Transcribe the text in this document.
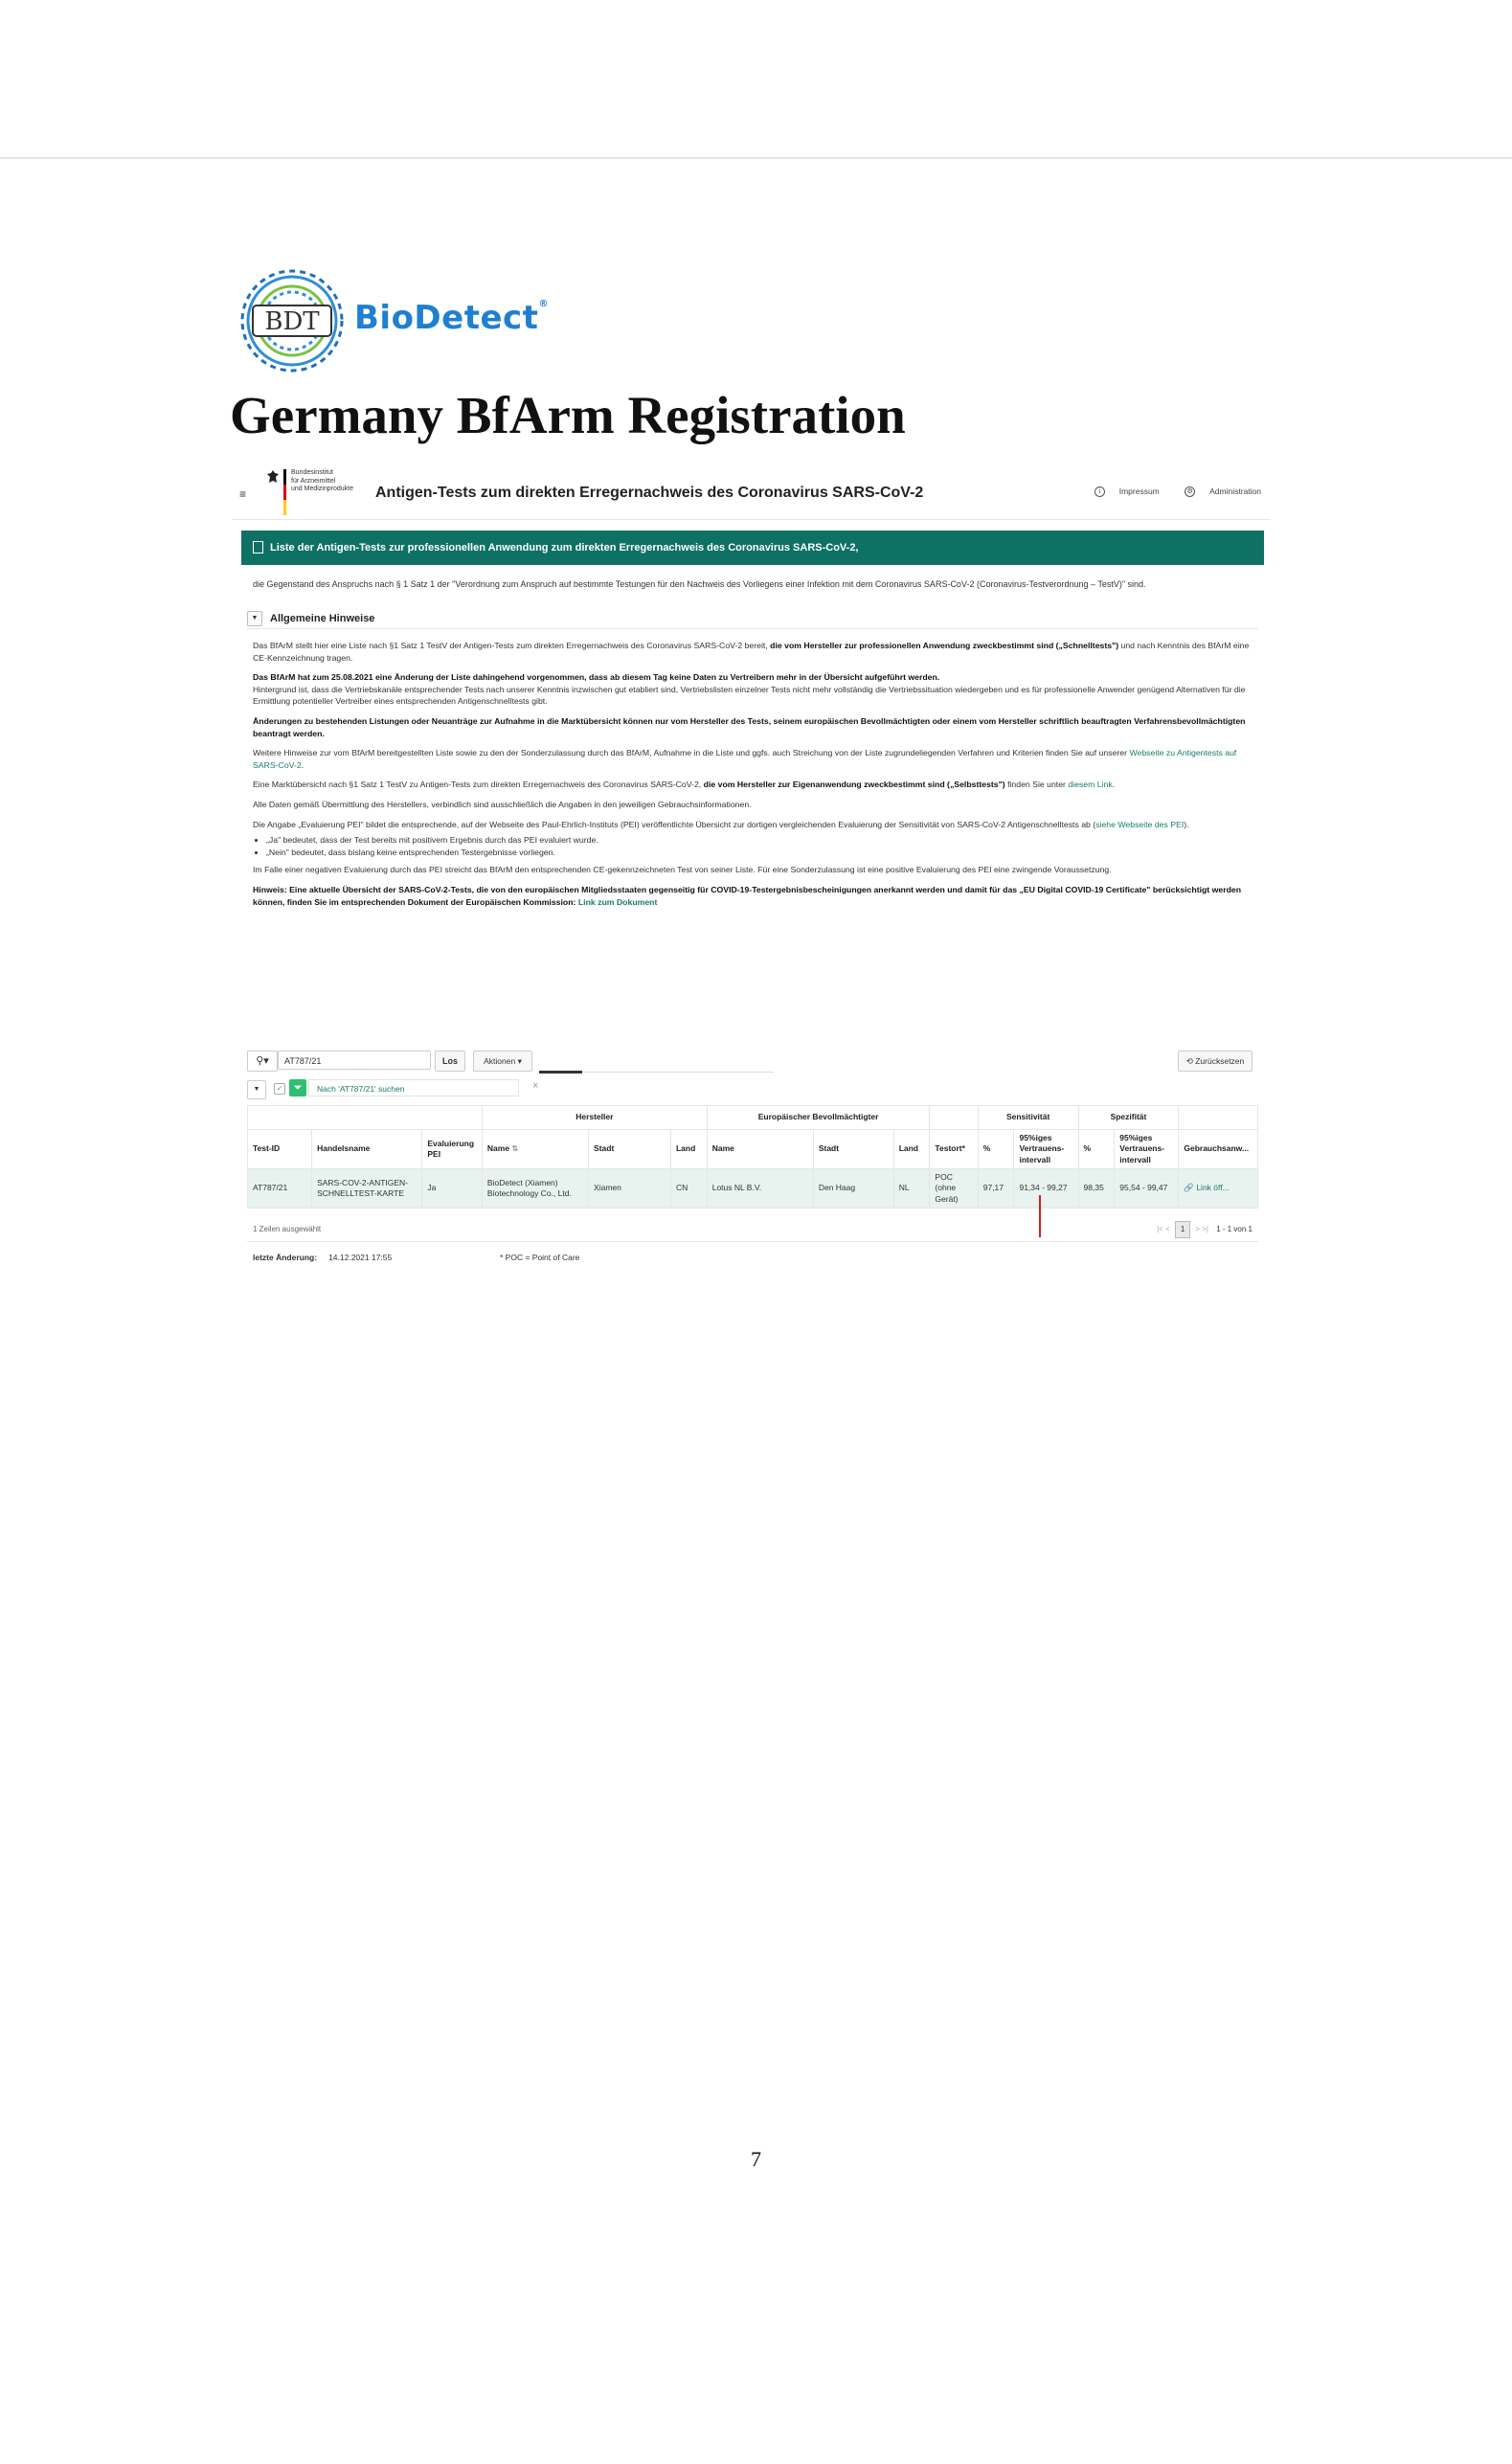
BDT BioDetect®
Germany BfArm Registration
≡
Bundesinstitut
für Arzneimittel
und Medizinprodukte	Antigen-Tests zum direkten Erregernachweis des Coronavirus SARS-CoV-2	i Impressum	⚙ Administration
Liste der Antigen-Tests zur professionellen Anwendung zum direkten Erregernachweis des Coronavirus SARS-CoV-2,
die Gegenstand des Anspruchs nach § 1 Satz 1 der "Verordnung zum Anspruch auf bestimmte Testungen für den Nachweis des Vorliegens einer Infektion mit dem Coronavirus SARS-CoV-2 (Coronavirus-Testverordnung – TestV)" sind.
▼	Allgemeine Hinweise

Das BfArM stellt hier eine Liste nach §1 Satz 1 TestV der Antigen-Tests zum direkten Erregernachweis des Coronavirus SARS-CoV-2 bereit, die vom Hersteller zur professionellen Anwendung zweckbestimmt sind („Schnelltests") und nach Kenntnis des BfArM eine CE-Kennzeichnung tragen.

Das BfArM hat zum 25.08.2021 eine Änderung der Liste dahingehend vorgenommen, dass ab diesem Tag keine Daten zu Vertreibern mehr in der Übersicht aufgeführt werden.
Hintergrund ist, dass die Vertriebskanäle entsprechender Tests nach unserer Kenntnis inzwischen gut etabliert sind, Vertriebslisten einzelner Tests nicht mehr vollständig die Vertriebssituation wiedergeben und es für professionelle Anwender genügend Alternativen für die Ermittlung potentieller Vertreiber eines entsprechenden Antigenschnelltests gibt.

Änderungen zu bestehenden Listungen oder Neuanträge zur Aufnahme in die Marktübersicht können nur vom Hersteller des Tests, seinem europäischen Bevollmächtigten oder einem vom Hersteller schriftlich beauftragten Verfahrensbevollmächtigten beantragt werden.

Weitere Hinweise zur vom BfArM bereitgestellten Liste sowie zu den der Sonderzulassung durch das BfArM, Aufnahme in die Liste und ggfs. auch Streichung von der Liste zugrundeliegenden Verfahren und Kriterien finden Sie auf unserer Webseite zu Antigentests auf SARS-CoV-2.

Eine Marktübersicht nach §1 Satz 1 TestV zu Antigen-Tests zum direkten Erregernachweis des Coronavirus SARS-CoV-2, die vom Hersteller zur Eigenanwendung zweckbestimmt sind („Selbsttests") finden Sie unter diesem Link.

Alle Daten gemäß Übermittlung des Herstellers, verbindlich sind ausschließlich die Angaben in den jeweiligen Gebrauchsinformationen.

Die Angabe „Evaluierung PEI" bildet die entsprechende, auf der Webseite des Paul-Ehrlich-Instituts (PEI) veröffentlichte Übersicht zur dortigen vergleichenden Evaluierung der Sensitivität von SARS-CoV-2 Antigenschnelltests ab (siehe Webseite des PEI).

• „Ja" bedeutet, dass der Test bereits mit positivem Ergebnis durch das PEI evaluiert wurde.
• „Nein" bedeutet, dass bislang keine entsprechenden Testergebnisse vorliegen.

Im Falle einer negativen Evaluierung durch das PEI streicht das BfArM den entsprechenden CE-gekennzeichneten Test von seiner Liste. Für eine Sonderzulassung ist eine positive Evaluierung des PEI eine zwingende Voraussetzung.

Hinweis: Eine aktuelle Übersicht der SARS-CoV-2-Tests, die von den europäischen Mitgliedsstaaten gegenseitig für COVID-19-Testergebnisbescheinigungen anerkannt werden und damit für das „EU Digital COVID-19 Certificate" berücksichtigt werden können, finden Sie im entsprechenden Dokument der Europäischen Kommission: Link zum Dokument

⚲▾	AT787/21	Los	Aktionen ▾	⟲ Zurücksetzen
▼	✓	⏷	Nach 'AT787/21' suchen	×
			Hersteller			Europäischer Bevollmächtigter				Sensitivität		Spezifität		
Test-ID	Handelsname	Evaluierung PEI	Name ⇅	Stadt	Land	Name	Stadt	Land	Testort*	%	95%iges Vertrauens-intervall	%	95%iges Vertrauens-intervall	Gebrauchsanw...
AT787/21	SARS-COV-2-ANTIGEN-SCHNELLTEST-KARTE	Ja	BioDetect (Xiamen) Biotechnology Co., Ltd.	Xiamen	CN	Lotus NL B.V.	Den Haag	NL	POC (ohne Gerät)	97,17	91,34 - 99,27	98,35	95,54 - 99,47	🔗 Link öff...
1 Zeilen ausgewählt	|< < 1 > >| 1 - 1 von 1
letzte Änderung: 14.12.2021 17:55	* POC = Point of Care
7
